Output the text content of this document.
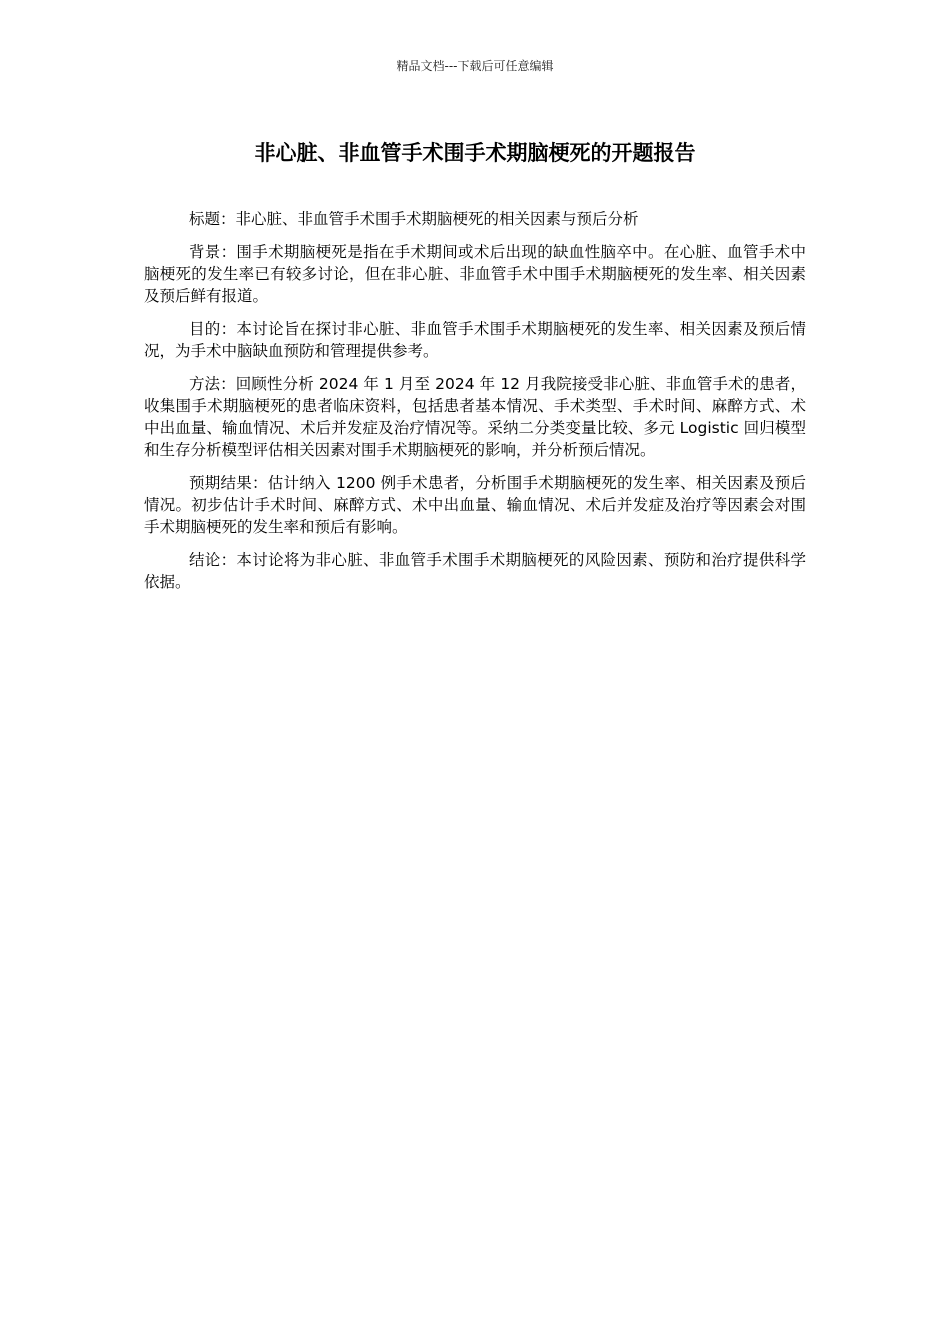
精品文档---下载后可任意编辑
非心脏、非血管手术围手术期脑梗死的开题报告

标题：非心脏、非血管手术围手术期脑梗死的相关因素与预后分析

背景：围手术期脑梗死是指在手术期间或术后出现的缺血性脑卒中。在心脏、血管手术中脑梗死的发生率已有较多讨论，但在非心脏、非血管手术中围手术期脑梗死的发生率、相关因素及预后鲜有报道。

目的：本讨论旨在探讨非心脏、非血管手术围手术期脑梗死的发生率、相关因素及预后情况，为手术中脑缺血预防和管理提供参考。

方法：回顾性分析 2024 年 1 月至 2024 年 12 月我院接受非心脏、非血管手术的患者，收集围手术期脑梗死的患者临床资料，包括患者基本情况、手术类型、手术时间、麻醉方式、术中出血量、输血情况、术后并发症及治疗情况等。采纳二分类变量比较、多元 Logistic 回归模型和生存分析模型评估相关因素对围手术期脑梗死的影响，并分析预后情况。

预期结果：估计纳入 1200 例手术患者，分析围手术期脑梗死的发生率、相关因素及预后情况。初步估计手术时间、麻醉方式、术中出血量、输血情况、术后并发症及治疗等因素会对围手术期脑梗死的发生率和预后有影响。

结论：本讨论将为非心脏、非血管手术围手术期脑梗死的风险因素、预防和治疗提供科学依据。
